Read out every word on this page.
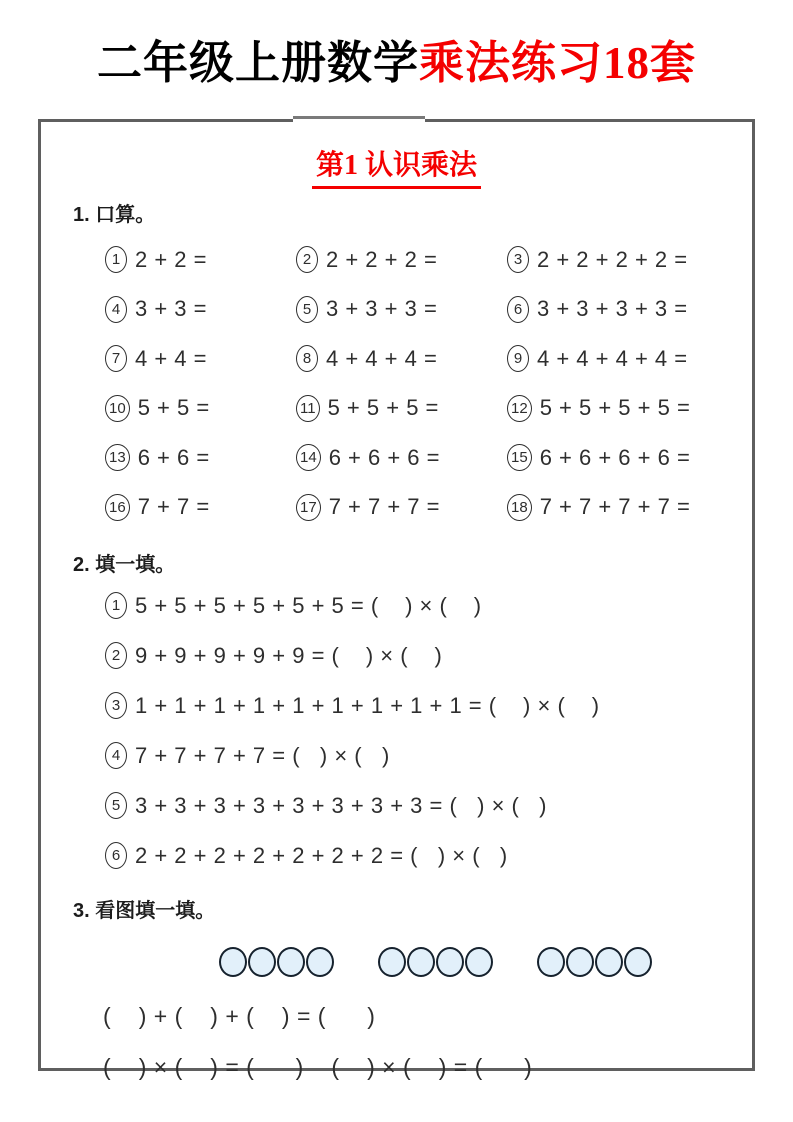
二年级上册数学乘法练习18套
第1 认识乘法
1. 口算。
1 2 + 2 =	2 2 + 2 + 2 =	3 2 + 2 + 2 + 2 =
4 3 + 3 =	5 3 + 3 + 3 =	6 3 + 3 + 3 + 3 =
7 4 + 4 =	8 4 + 4 + 4 =	9 4 + 4 + 4 + 4 =
10 5 + 5 =	11 5 + 5 + 5 =	12 5 + 5 + 5 + 5 =
13 6 + 6 =	14 6 + 6 + 6 =	15 6 + 6 + 6 + 6 =
16 7 + 7 =	17 7 + 7 + 7 =	18 7 + 7 + 7 + 7 =
2. 填一填。
1 5 + 5 + 5 + 5 + 5 + 5 = (    ) × (    )
2 9 + 9 + 9 + 9 + 9 = (    ) × (    )
3 1 + 1 + 1 + 1 + 1 + 1 + 1 + 1 + 1 = (    ) × (    )
4 7 + 7 + 7 + 7 = (   ) × (   )
5 3 + 3 + 3 + 3 + 3 + 3 + 3 + 3 = (   ) × (   )
6 2 + 2 + 2 + 2 + 2 + 2 + 2 = (   ) × (   )
3. 看图填一填。
(    ) + (    ) + (    ) = (      )
(    ) × (    ) = (      )    (    ) × (    ) = (      )
